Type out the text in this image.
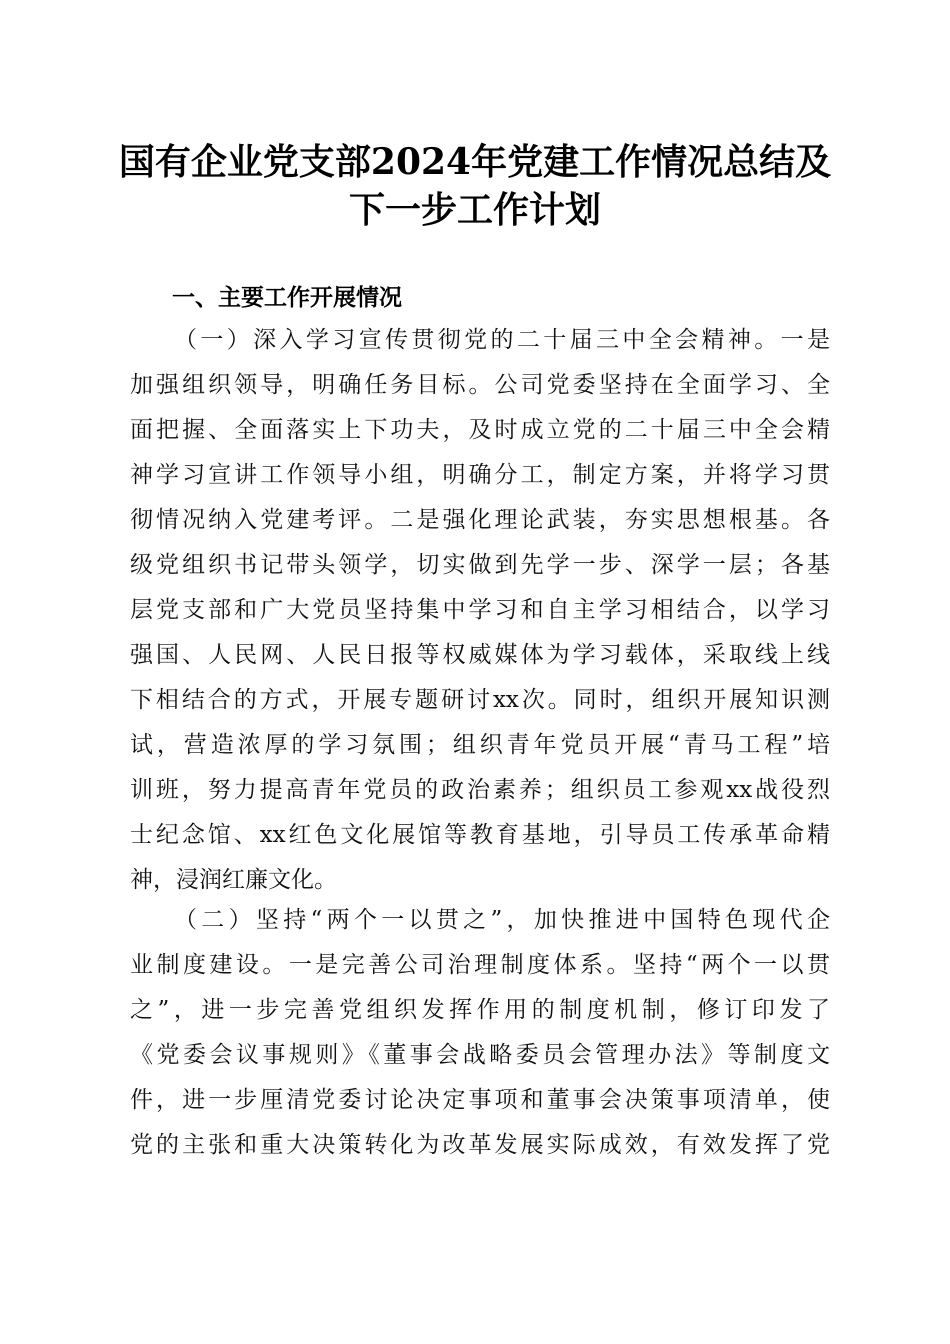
国有企业党支部2024年党建工作情况总结及
下一步工作计划
一、主要工作开展情况
（一）深入学习宣传贯彻党的二十届三中全会精神。一是
加强组织领导，明确任务目标。公司党委坚持在全面学习、全
面把握、全面落实上下功夫，及时成立党的二十届三中全会精
神学习宣讲工作领导小组，明确分工，制定方案，并将学习贯
彻情况纳入党建考评。二是强化理论武装，夯实思想根基。各
级党组织书记带头领学，切实做到先学一步、深学一层；各基
层党支部和广大党员坚持集中学习和自主学习相结合，以学习
强国、人民网、人民日报等权威媒体为学习载体，采取线上线
下相结合的方式，开展专题研讨xx次。同时，组织开展知识测
试，营造浓厚的学习氛围；组织青年党员开展“青马工程”培
训班，努力提高青年党员的政治素养；组织员工参观xx战役烈
士纪念馆、xx红色文化展馆等教育基地，引导员工传承革命精
神，浸润红廉文化。
（二）坚持“两个一以贯之”，加快推进中国特色现代企
业制度建设。一是完善公司治理制度体系。坚持“两个一以贯
之”，进一步完善党组织发挥作用的制度机制，修订印发了
《党委会议事规则》《董事会战略委员会管理办法》等制度文
件，进一步厘清党委讨论决定事项和董事会决策事项清单，使
党的主张和重大决策转化为改革发展实际成效，有效发挥了党
